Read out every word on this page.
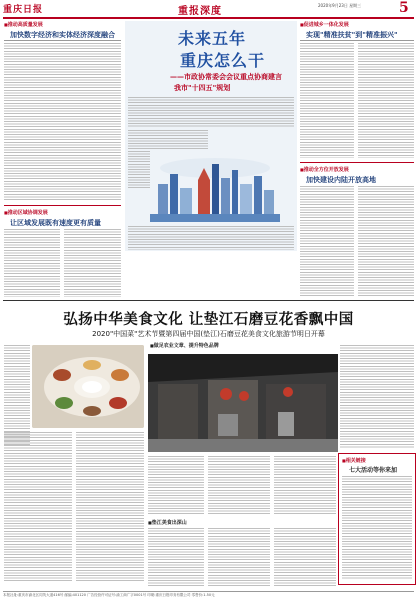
重庆日报	重报深度
2020年9月23日 星期三	5
■ 推动高质量发展
加快数字经济和实体经济深度融合
■ 推动区域协调发展
让区域发展既有速度更有质量
未来五年
重庆怎么干
——市政协常委会会议重点协商建言
我市"十四五"规划
■ 促进城乡一体化发展
实现"精准扶贫"到"精准振兴"
■ 推动全方位开放发展
加快建设内陆开放高地
弘扬中华美食文化 让垫江石磨豆花香飘中国
2020"中国菜"艺术节暨第四届中国(垫江)石磨豆花美食文化旅游节明日开幕
■ 做足农业文章、提升特色品牌
■ 垫江美食出深山
■ 相关链接
七大活动等你来加
本报社址:重庆市渝北区同茂大道416号 邮编:401120 广告经营许可证号:渝工商广字0001号 印刷:重庆日报印务有限公司 零售价:1.50元
